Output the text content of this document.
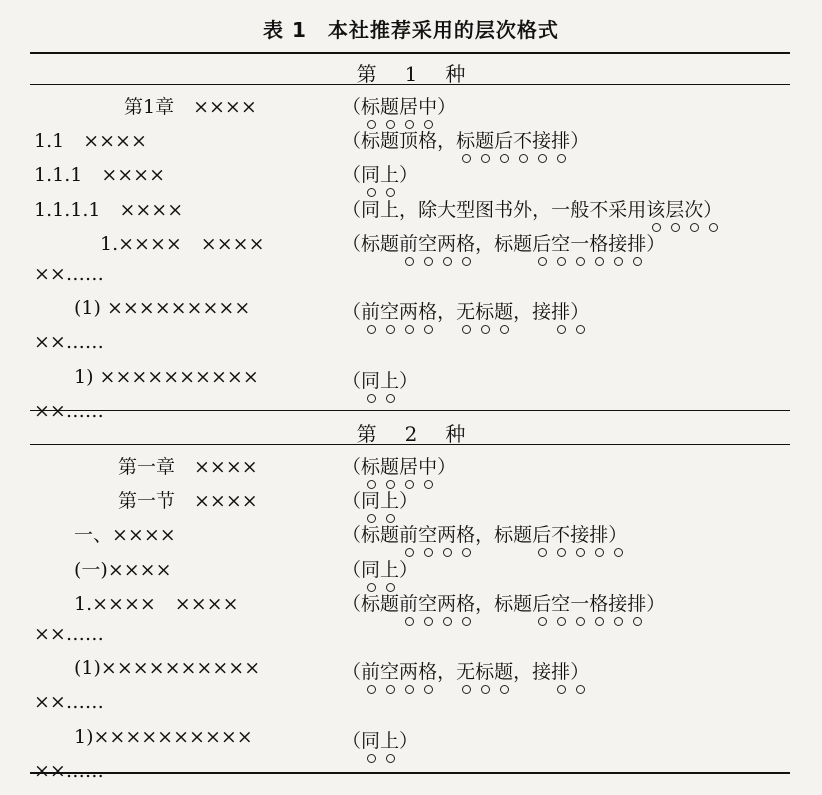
表 1　本社推荐采用的层次格式
第 1 种
第1章　××××	（标题居中）
1.1　××××	（标题顶格，标题后不接排）
1.1.1　××××	（同上）
1.1.1.1　××××	（同上，除大型图书外，一般不采用该层次）
1.××××　××××	（标题前空两格，标题后空一格接排）
××……
(1) ×××××××××	（前空两格，无标题，接排）
××……
1) ××××××××××	（同上）
××……
第 2 种
第一章　××××	（标题居中）
第一节　××××	（同上）
一、××××	（标题前空两格，标题后不接排）
(一)××××	（同上）
1.××××　××××	（标题前空两格，标题后空一格接排）
××……
(1)××××××××××	（前空两格，无标题，接排）
××……
1)××××××××××	（同上）
××……
